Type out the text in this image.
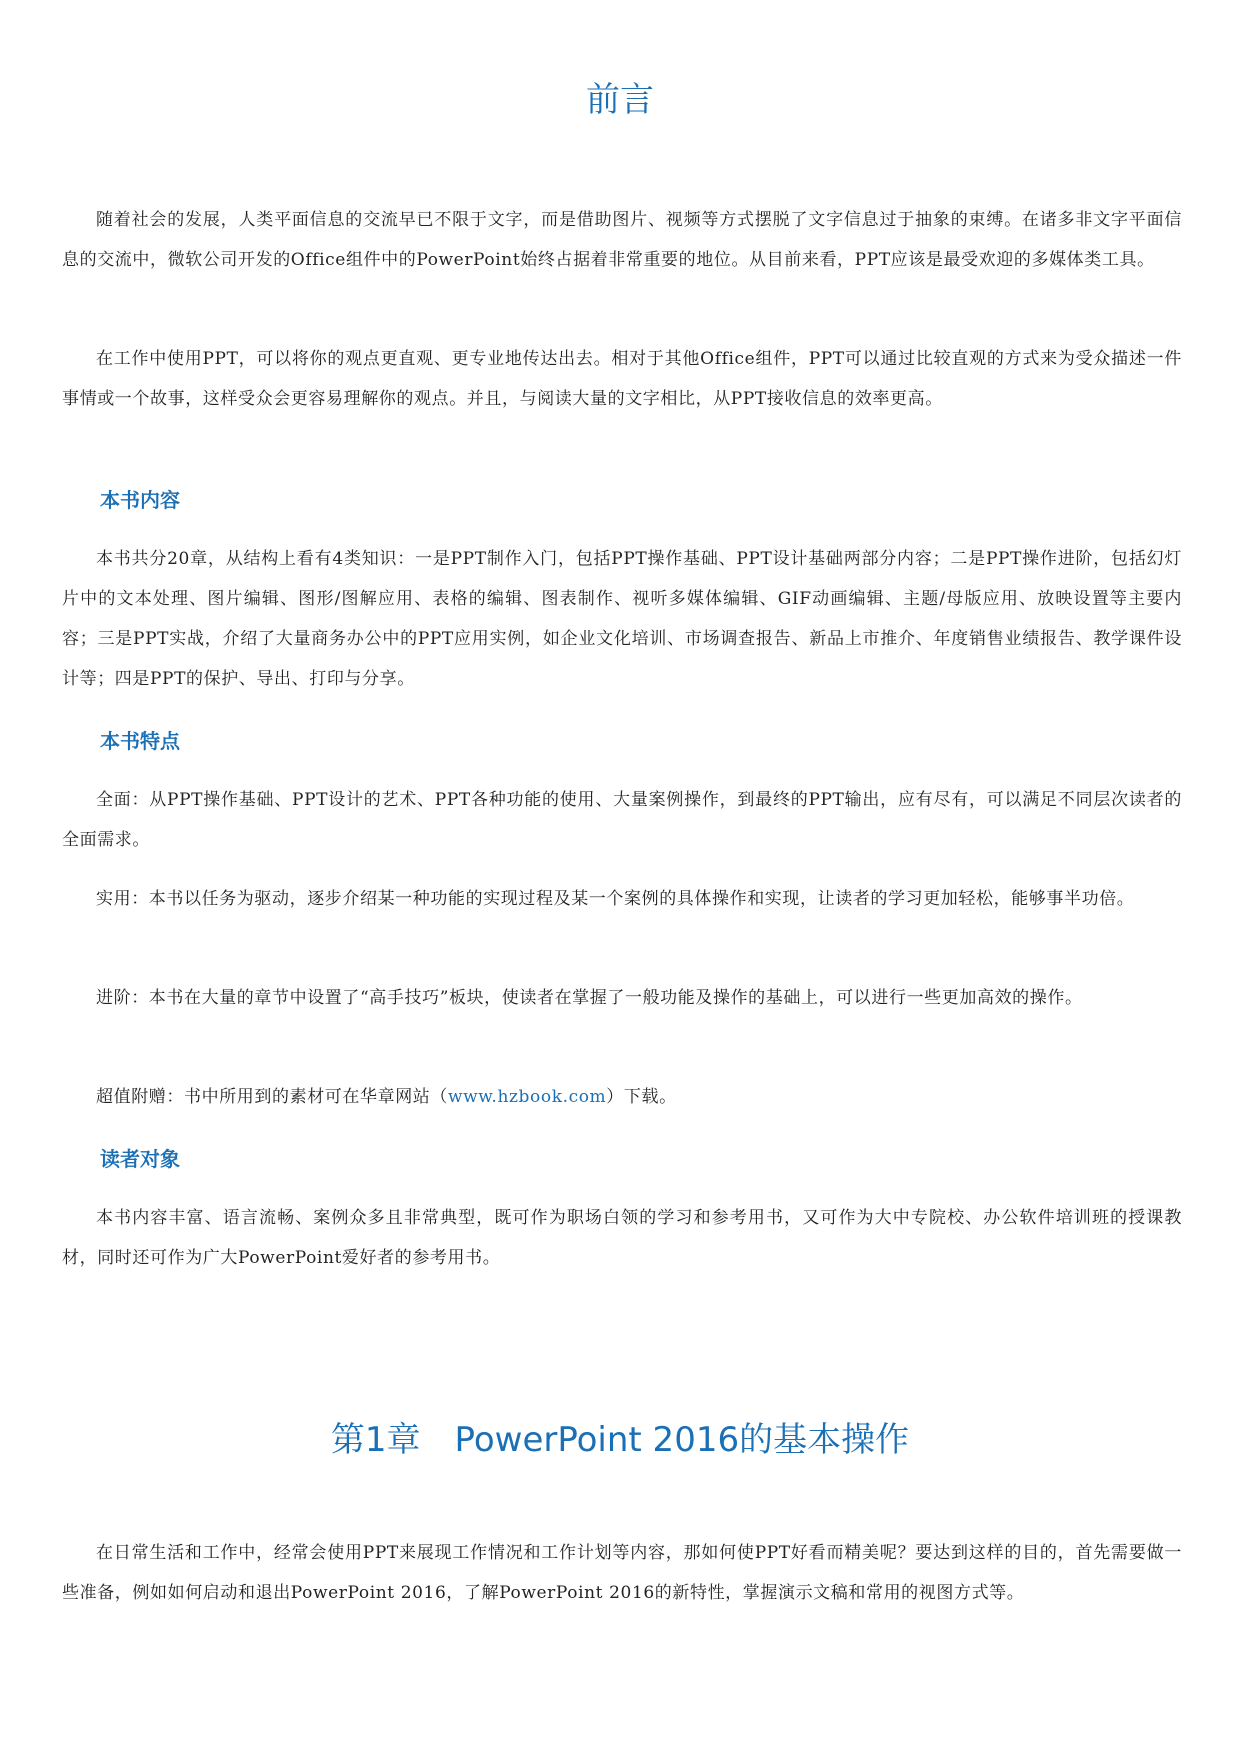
前言

随着社会的发展，人类平面信息的交流早已不限于文字，而是借助图片、视频等方式摆脱了文字信息过于抽象的束缚。在诸多非文字平面信息的交流中，微软公司开发的Office组件中的PowerPoint始终占据着非常重要的地位。从目前来看，PPT应该是最受欢迎的多媒体类工具。

在工作中使用PPT，可以将你的观点更直观、更专业地传达出去。相对于其他Office组件，PPT可以通过比较直观的方式来为受众描述一件事情或一个故事，这样受众会更容易理解你的观点。并且，与阅读大量的文字相比，从PPT接收信息的效率更高。

本书内容

本书共分20章，从结构上看有4类知识：一是PPT制作入门，包括PPT操作基础、PPT设计基础两部分内容；二是PPT操作进阶，包括幻灯片中的文本处理、图片编辑、图形/图解应用、表格的编辑、图表制作、视听多媒体编辑、GIF动画编辑、主题/母版应用、放映设置等主要内容；三是PPT实战，介绍了大量商务办公中的PPT应用实例，如企业文化培训、市场调查报告、新品上市推介、年度销售业绩报告、教学课件设计等；四是PPT的保护、导出、打印与分享。

本书特点

全面：从PPT操作基础、PPT设计的艺术、PPT各种功能的使用、大量案例操作，到最终的PPT输出，应有尽有，可以满足不同层次读者的全面需求。

实用：本书以任务为驱动，逐步介绍某一种功能的实现过程及某一个案例的具体操作和实现，让读者的学习更加轻松，能够事半功倍。

进阶：本书在大量的章节中设置了“高手技巧”板块，使读者在掌握了一般功能及操作的基础上，可以进行一些更加高效的操作。

超值附赠：书中所用到的素材可在华章网站（www.hzbook.com）下载。

读者对象

本书内容丰富、语言流畅、案例众多且非常典型，既可作为职场白领的学习和参考用书，又可作为大中专院校、办公软件培训班的授课教材，同时还可作为广大PowerPoint爱好者的参考用书。

第1章　PowerPoint 2016的基本操作

在日常生活和工作中，经常会使用PPT来展现工作情况和工作计划等内容，那如何使PPT好看而精美呢？要达到这样的目的，首先需要做一些准备，例如如何启动和退出PowerPoint 2016，了解PowerPoint 2016的新特性，掌握演示文稿和常用的视图方式等。
